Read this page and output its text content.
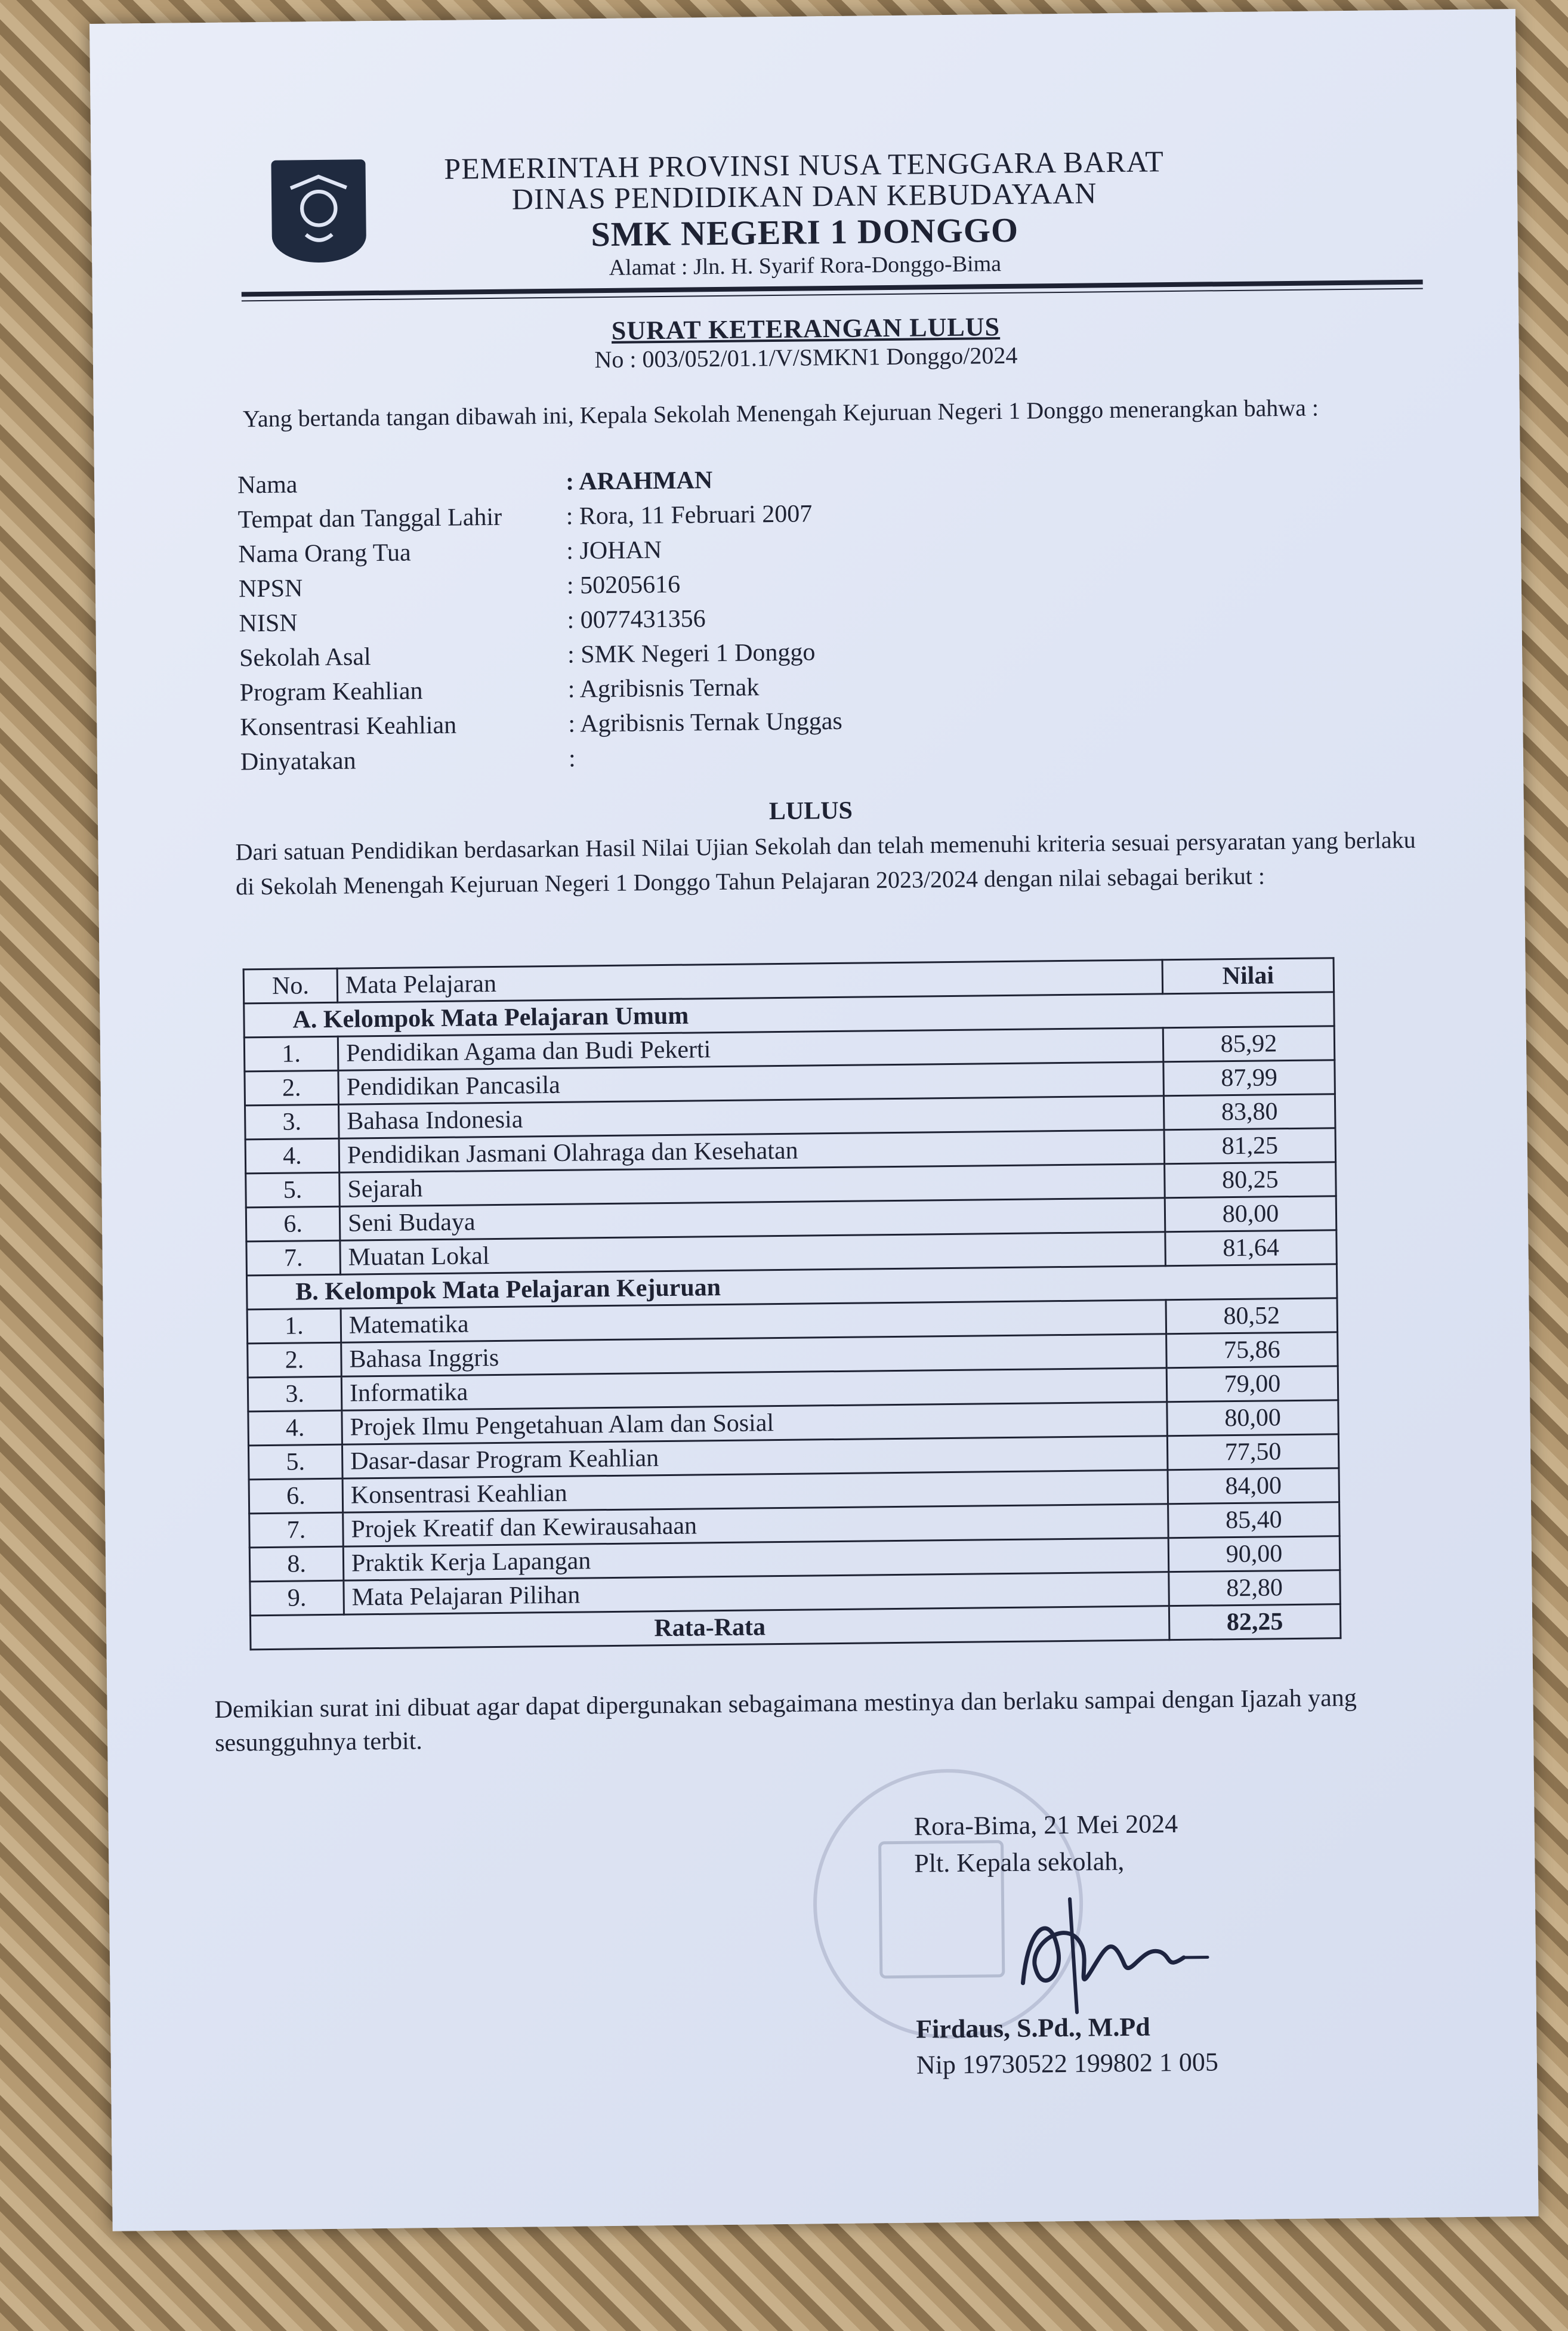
PEMERINTAH PROVINSI NUSA TENGGARA BARAT
DINAS PENDIDIKAN DAN KEBUDAYAAN
SMK NEGERI 1 DONGGO
Alamat : Jln. H. Syarif Rora-Donggo-Bima
SURAT KETERANGAN LULUS
No : 003/052/01.1/V/SMKN1 Donggo/2024
Yang bertanda tangan dibawah ini, Kepala Sekolah Menengah Kejuruan Negeri 1 Donggo menerangkan bahwa :
Nama	: ARAHMAN
Tempat dan Tanggal Lahir	: Rora, 11 Februari 2007
Nama Orang Tua	: JOHAN
NPSN	: 50205616
NISN	: 0077431356
Sekolah Asal	: SMK Negeri 1 Donggo
Program Keahlian	: Agribisnis Ternak
Konsentrasi Keahlian	: Agribisnis Ternak Unggas
Dinyatakan	:
LULUS
Dari satuan Pendidikan berdasarkan Hasil Nilai Ujian Sekolah dan telah memenuhi kriteria sesuai persyaratan yang berlaku di Sekolah Menengah Kejuruan Negeri 1 Donggo Tahun Pelajaran 2023/2024 dengan nilai sebagai berikut :
No.	Mata Pelajaran	Nilai
A. Kelompok Mata Pelajaran Umum		
1.	Pendidikan Agama dan Budi Pekerti	85,92
2.	Pendidikan Pancasila	87,99
3.	Bahasa Indonesia	83,80
4.	Pendidikan Jasmani Olahraga dan Kesehatan	81,25
5.	Sejarah	80,25
6.	Seni Budaya	80,00
7.	Muatan Lokal	81,64
B. Kelompok Mata Pelajaran Kejuruan		
1.	Matematika	80,52
2.	Bahasa Inggris	75,86
3.	Informatika	79,00
4.	Projek Ilmu Pengetahuan Alam dan Sosial	80,00
5.	Dasar-dasar Program Keahlian	77,50
6.	Konsentrasi Keahlian	84,00
7.	Projek Kreatif dan Kewirausahaan	85,40
8.	Praktik Kerja Lapangan	90,00
9.	Mata Pelajaran Pilihan	82,80
Rata-Rata		82,25
Demikian surat ini dibuat agar dapat dipergunakan sebagaimana mestinya dan berlaku sampai dengan Ijazah yang sesungguhnya terbit.
Rora-Bima, 21 Mei 2024
Plt. Kepala sekolah,
Firdaus, S.Pd., M.Pd
Nip 19730522 199802 1 005
